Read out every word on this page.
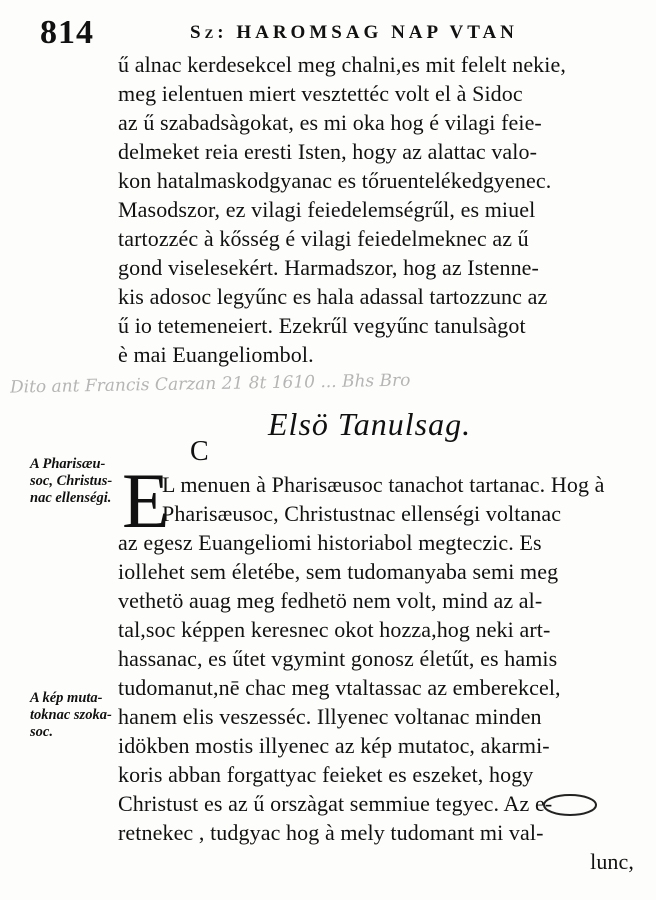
814	Sz: HAROMSAG NAP VTAN
ű alnac kerdesekcel meg chalni,es mit felelt nekie,
meg ielentuen miert vesztettéc volt el à Sidoc
az ű szabadsàgokat, es mi oka hog é vilagi feie-
delmeket reia eresti Isten, hogy az alattac valo-
kon hatalmaskodgyanac es tőruentelékedgyenec.
Masodszor, ez vilagi feiedelemségrűl, es miuel
tartozzéc à kősség é vilagi feiedelmeknec az ű
gond viselesekért. Harmadszor, hog az Istenne-
kis adosoc legyűnc es hala adassal tartozzunc az
ű io tetemeneiert. Ezekrűl vegyűnc tanulsàgot
è mai Euangeliombol.
Dito ant Francis Carzan 21 8t 1610 ... Bhs Bro
Elsö Tanulsag.
C
E
L menuen à Pharisæusoc tanachot tartanac. Hog à
Pharisæusoc, Christustnac ellenségi voltanac
az egesz Euangeliomi historiabol megteczic. Es
iollehet sem életébe, sem tudomanyaba semi meg
vethetö auag meg fedhetö nem volt, mind az al-
tal,soc képpen keresnec okot hozza,hog neki art-
hassanac, es űtet vgymint gonosz életűt, es hamis
tudomanut,nē chac meg vtaltassac az emberekcel,
hanem elis veszesséc. Illyenec voltanac minden
idökben mostis illyenec az kép mutatoc, akarmi-
koris abban forgattyac feieket es eszeket, hogy
Christust es az ű orszàgat semmiue tegyec. Az e-
retnekec , tudgyac hog à mely tudomant mi val-
lunc,
A Pharisæu-
soc, Christus-
nac ellenségi.
A kép muta-
toknac szoka-
soc.
